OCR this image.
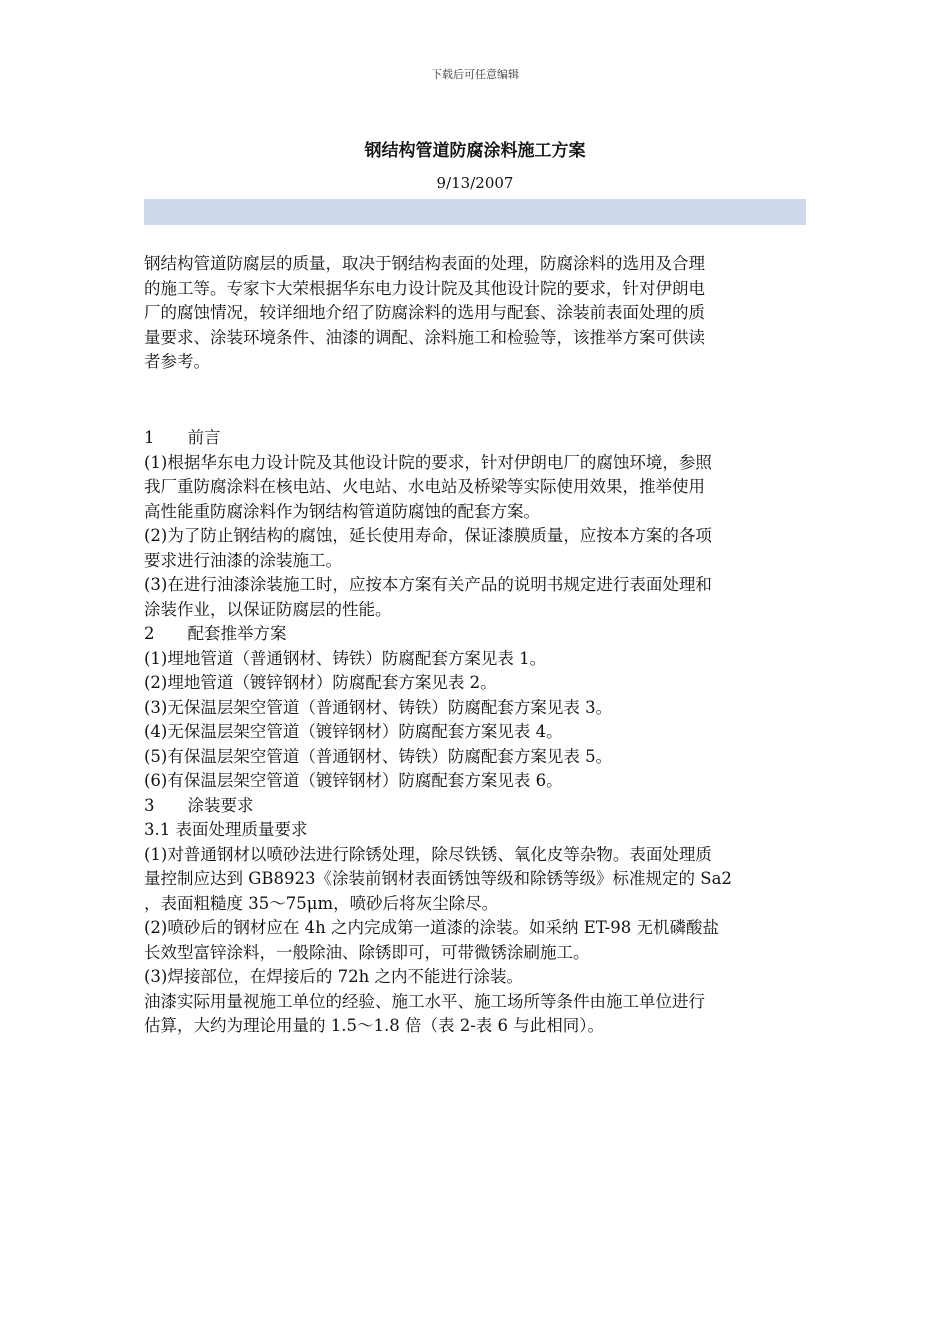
下载后可任意编辑
钢结构管道防腐涂料施工方案
9/13/2007
钢结构管道防腐层的质量，取决于钢结构表面的处理，防腐涂料的选用及合理
的施工等。专家卞大荣根据华东电力设计院及其他设计院的要求，针对伊朗电
厂的腐蚀情况，较详细地介绍了防腐涂料的选用与配套、涂装前表面处理的质
量要求、涂装环境条件、油漆的调配、涂料施工和检验等，该推举方案可供读
者参考。
1　　前言
(1)根据华东电力设计院及其他设计院的要求，针对伊朗电厂的腐蚀环境，参照
我厂重防腐涂料在核电站、火电站、水电站及桥梁等实际使用效果，推举使用
高性能重防腐涂料作为钢结构管道防腐蚀的配套方案。
(2)为了防止钢结构的腐蚀，延长使用寿命，保证漆膜质量，应按本方案的各项
要求进行油漆的涂装施工。
(3)在进行油漆涂装施工时，应按本方案有关产品的说明书规定进行表面处理和
涂装作业，以保证防腐层的性能。
2　　配套推举方案
(1)埋地管道（普通钢材、铸铁）防腐配套方案见表 1。
(2)埋地管道（镀锌钢材）防腐配套方案见表 2。
(3)无保温层架空管道（普通钢材、铸铁）防腐配套方案见表 3。
(4)无保温层架空管道（镀锌钢材）防腐配套方案见表 4。
(5)有保温层架空管道（普通钢材、铸铁）防腐配套方案见表 5。
(6)有保温层架空管道（镀锌钢材）防腐配套方案见表 6。
3　　涂装要求
3.1 表面处理质量要求
(1)对普通钢材以喷砂法进行除锈处理，除尽铁锈、氧化皮等杂物。表面处理质
量控制应达到 GB8923《涂装前钢材表面锈蚀等级和除锈等级》标准规定的 Sa2
，表面粗糙度 35～75μm，喷砂后将灰尘除尽。
(2)喷砂后的钢材应在 4h 之内完成第一道漆的涂装。如采纳 ET-98 无机磷酸盐
长效型富锌涂料，一般除油、除锈即可，可带微锈涂刷施工。
(3)焊接部位，在焊接后的 72h 之内不能进行涂装。
油漆实际用量视施工单位的经验、施工水平、施工场所等条件由施工单位进行
估算，大约为理论用量的 1.5～1.8 倍（表 2-表 6 与此相同）。
